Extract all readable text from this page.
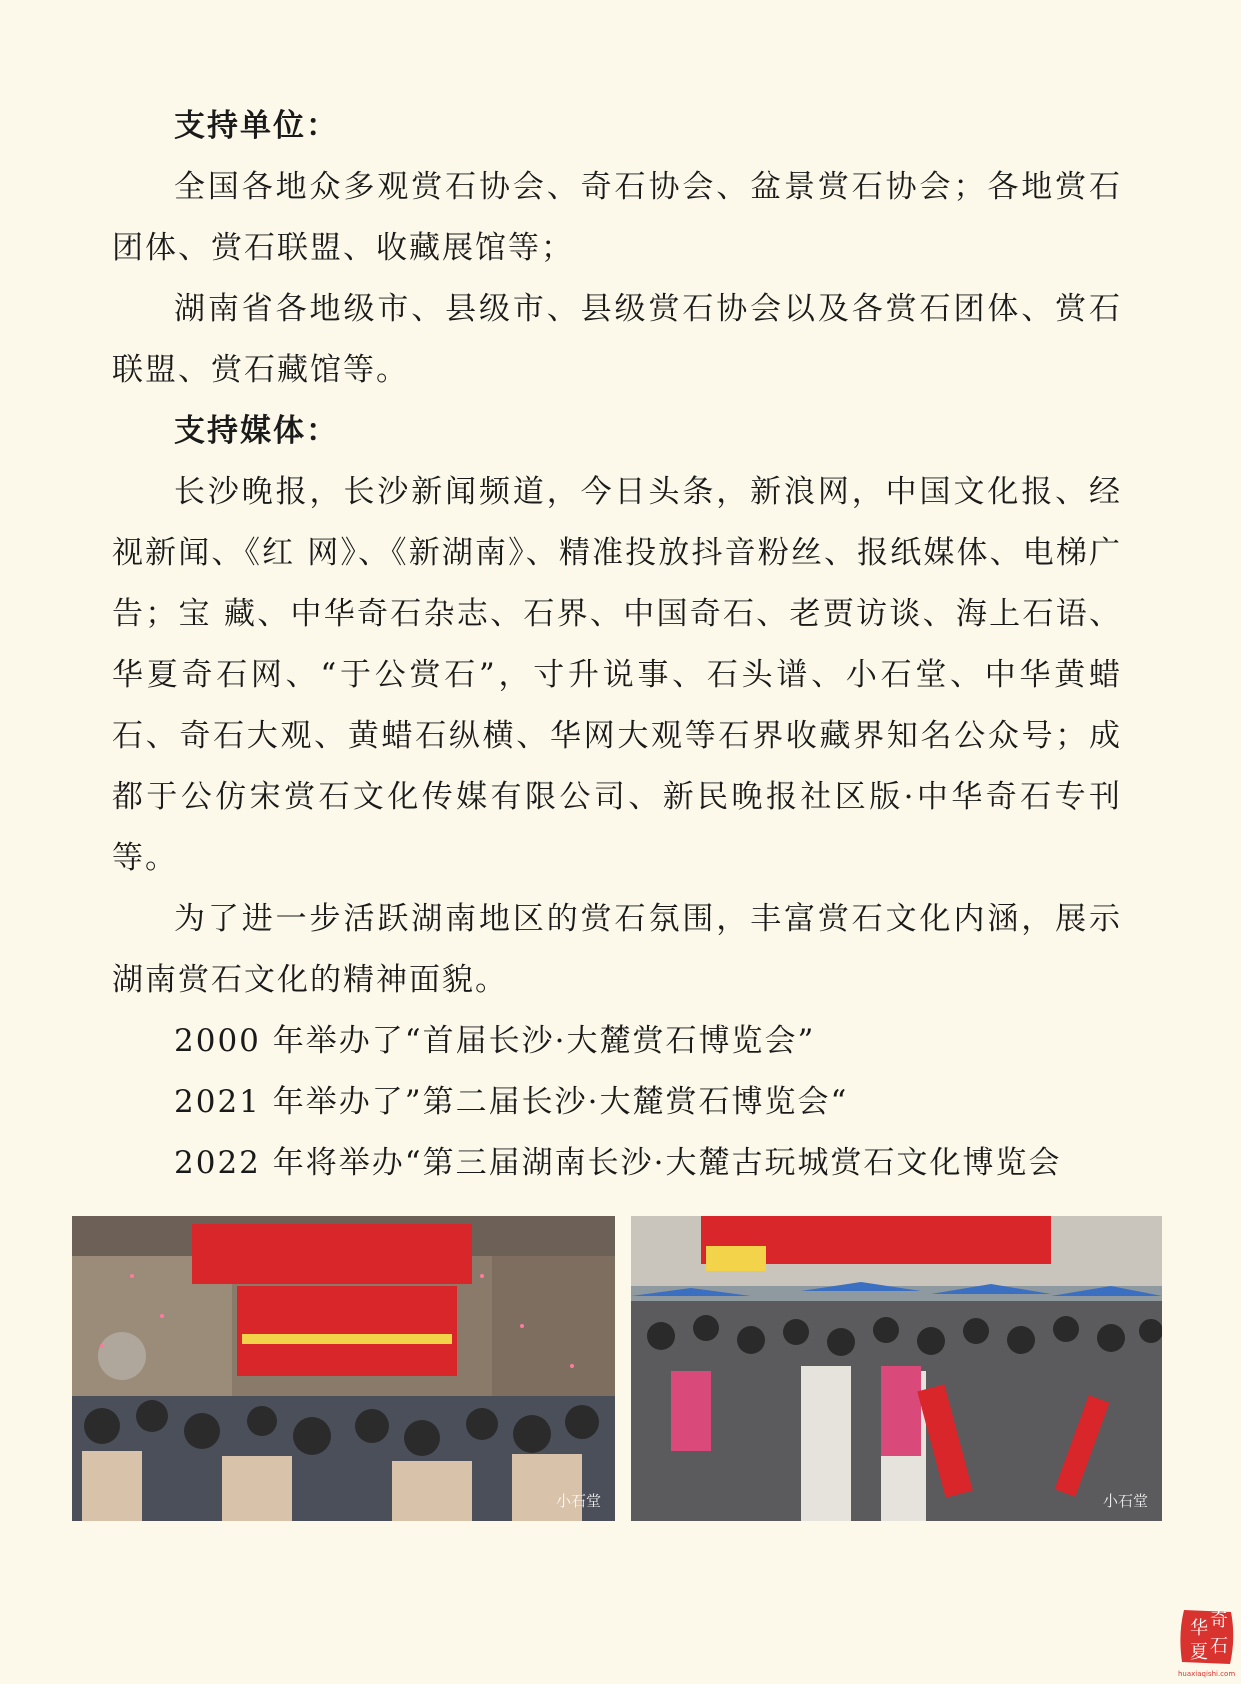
支持单位：

全国各地众多观赏石协会、奇石协会、盆景赏石协会；各地赏石团体、赏石联盟、收藏展馆等；

湖南省各地级市、县级市、县级赏石协会以及各赏石团体、赏石联盟、赏石藏馆等。

支持媒体：

长沙晚报，长沙新闻频道，今日头条，新浪网，中国文化报、经视新闻、《红 网》、《新湖南》、精准投放抖音粉丝、报纸媒体、电梯广告；宝 藏、中华奇石杂志、石界、中国奇石、老贾访谈、海上石语、华夏奇石网、“于公赏石”，寸升说事、石头谱、小石堂、中华黄蜡石、奇石大观、黄蜡石纵横、华网大观等石界收藏界知名公众号；成都于公仿宋赏石文化传媒有限公司、新民晚报社区版·中华奇石专刊 等。

为了进一步活跃湖南地区的赏石氛围，丰富赏石文化内涵，展示湖南赏石文化的精神面貌。

2000 年举办了“首届长沙·大麓赏石博览会”

2021 年举办了”第二届长沙·大麓赏石博览会“

2022 年将举办“第三届湖南长沙·大麓古玩城赏石文化博览会

小石堂	小石堂
华 奇
夏 石
huaxiaqishi.com
